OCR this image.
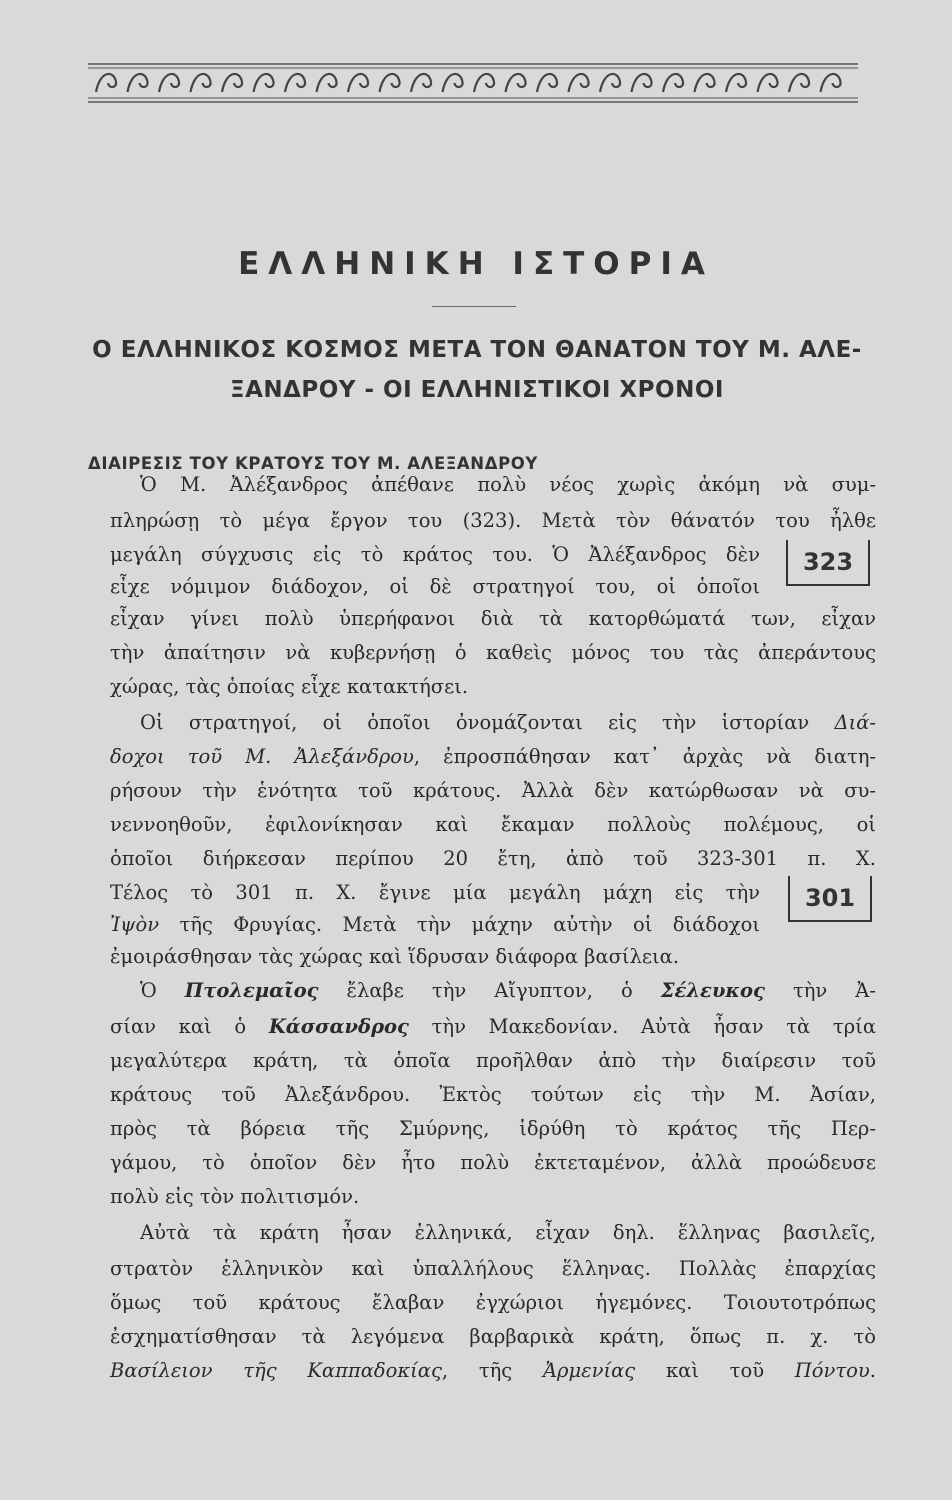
ΕΛΛΗΝΙΚΗ ΙΣΤΟΡΙΑ
Ο ΕΛΛΗΝΙΚΟΣ ΚΟΣΜΟΣ ΜΕΤΑ ΤΟΝ ΘΑΝΑΤΟΝ ΤΟΥ Μ. ΑΛΕ-
ΞΑΝΔΡΟΥ - ΟΙ ΕΛΛΗΝΙΣΤΙΚΟΙ ΧΡΟΝΟΙ
ΔΙΑΙΡΕΣΙΣ ΤΟΥ ΚΡΑΤΟΥΣ ΤΟΥ Μ. ΑΛΕΞΑΝΔΡΟΥ
Ὁ Μ. Ἀλέξανδρος ἀπέθανε πολὺ νέος χωρὶς ἀκόμη νὰ συμ-
πληρώσῃ τὸ μέγα ἔργον του (323). Μετὰ τὸν θάνατόν του ἦλθε
μεγάλη σύγχυσις εἰς τὸ κράτος του. Ὁ Ἀλέξανδρος δὲν
εἶχε νόμιμον διάδοχον, οἱ δὲ στρατηγοί του, οἱ ὁποῖοι
εἶχαν γίνει πολὺ ὑπερήφανοι διὰ τὰ κατορθώματά των, εἶχαν
τὴν ἀπαίτησιν νὰ κυβερνήσῃ ὁ καθεὶς μόνος του τὰς ἀπεράντους
χώρας, τὰς ὁποίας εἶχε κατακτήσει.
Οἱ στρατηγοί, οἱ ὁποῖοι ὀνομάζονται εἰς τὴν ἱστορίαν Διά-
δοχοι τοῦ Μ. Ἀλεξάνδρου, ἐπροσπάθησαν κατ᾽ ἀρχὰς νὰ διατη-
ρήσουν τὴν ἑνότητα τοῦ κράτους. Ἀλλὰ δὲν κατώρθωσαν νὰ συ-
νεννοηθοῦν, ἐφιλονίκησαν καὶ ἔκαμαν πολλοὺς πολέμους, οἱ
ὁποῖοι διήρκεσαν περίπου 20 ἔτη, ἀπὸ τοῦ 323-301 π. Χ.
Τέλος τὸ 301 π. Χ. ἔγινε μία μεγάλη μάχη εἰς τὴν
Ἰψὸν τῆς Φρυγίας. Μετὰ τὴν μάχην αὐτὴν οἱ διάδοχοι
ἐμοιράσθησαν τὰς χώρας καὶ ἵδρυσαν διάφορα βασίλεια.
Ὁ Πτολεμαῖος ἔλαβε τὴν Αἴγυπτον, ὁ Σέλευκος τὴν Ἀ-
σίαν καὶ ὁ Κάσσανδρος τὴν Μακεδονίαν. Αὐτὰ ἦσαν τὰ τρία
μεγαλύτερα κράτη, τὰ ὁποῖα προῆλθαν ἀπὸ τὴν διαίρεσιν τοῦ
κράτους τοῦ Ἀλεξάνδρου. Ἐκτὸς τούτων εἰς τὴν Μ. Ἀσίαν,
πρὸς τὰ βόρεια τῆς Σμύρνης, ἱδρύθη τὸ κράτος τῆς Περ-
γάμου, τὸ ὁποῖον δὲν ἦτο πολὺ ἐκτεταμένον, ἀλλὰ προώδευσε
πολὺ εἰς τὸν πολιτισμόν.
Αὐτὰ τὰ κράτη ἦσαν ἑλληνικά, εἶχαν δηλ. ἕλληνας βασιλεῖς,
στρατὸν ἑλληνικὸν καὶ ὑπαλλήλους ἕλληνας. Πολλὰς ἐπαρχίας
ὅμως τοῦ κράτους ἔλαβαν ἐγχώριοι ἡγεμόνες. Τοιουτοτρόπως
ἐσχηματίσθησαν τὰ λεγόμενα βαρβαρικὰ κράτη, ὅπως π. χ. τὸ
Βασίλειον τῆς Καππαδοκίας, τῆς Ἀρμενίας καὶ τοῦ Πόντου.
323
301
